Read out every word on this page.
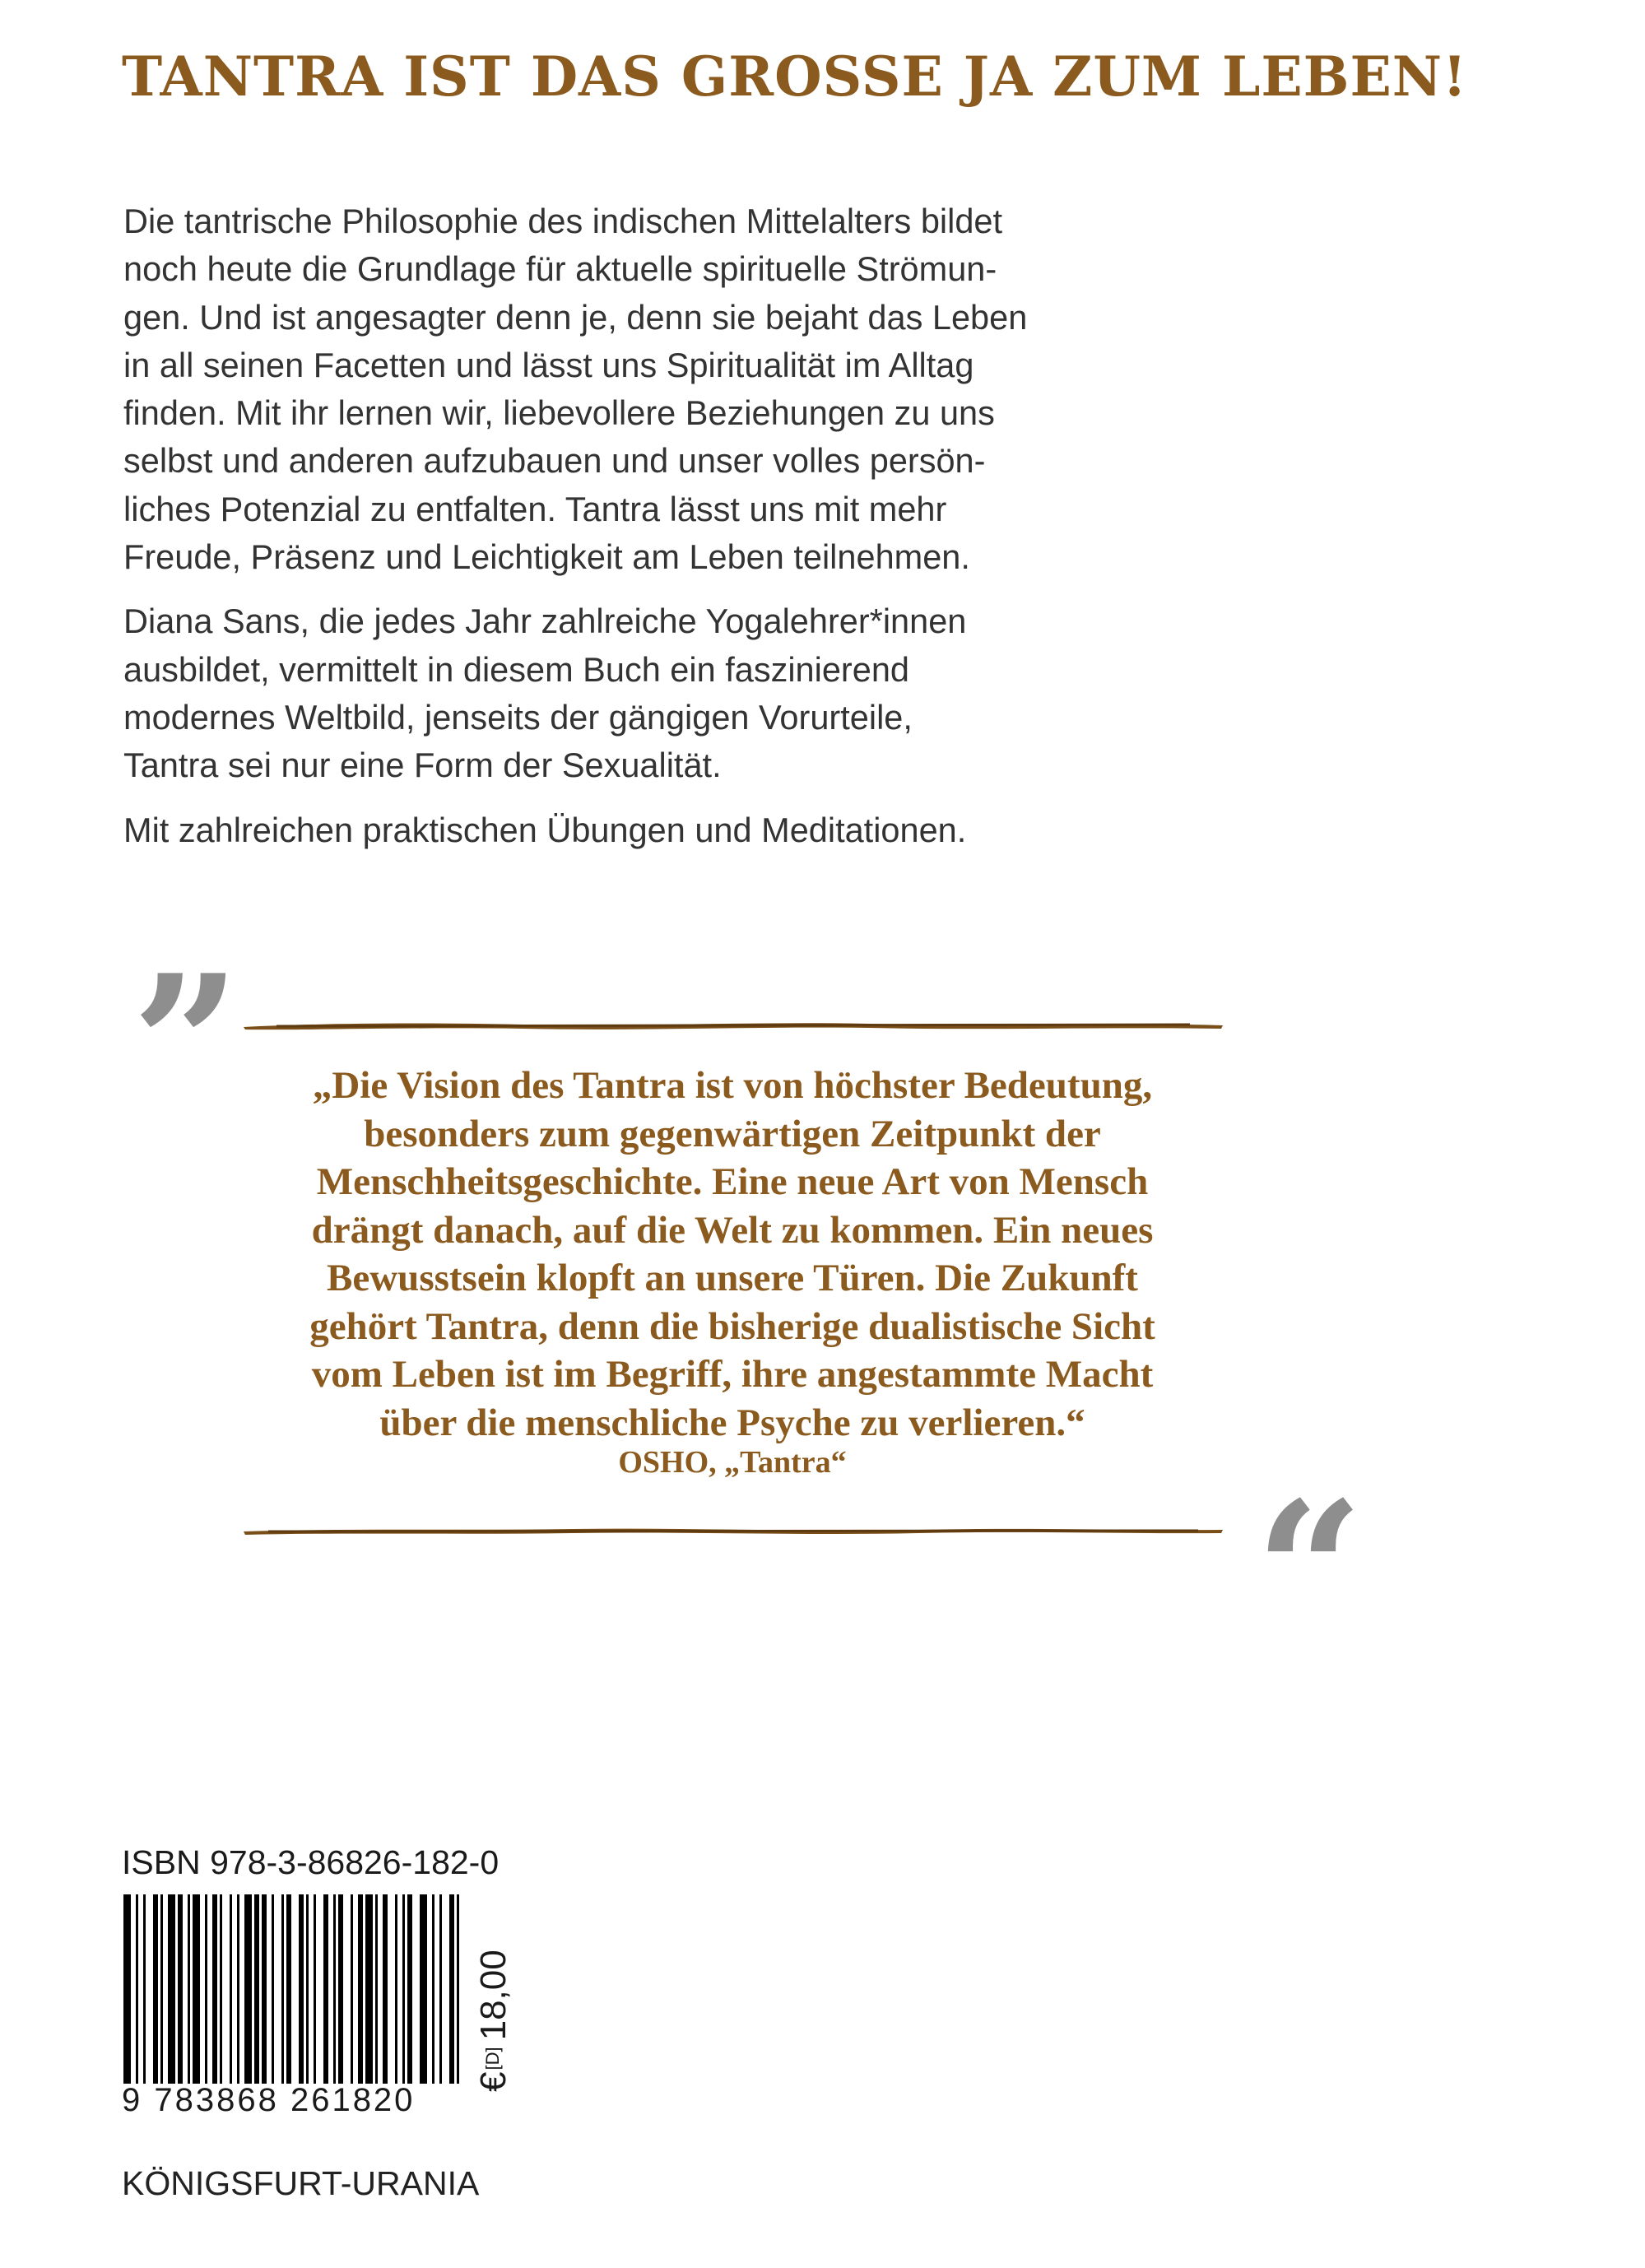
TANTRA IST DAS GROSSE JA ZUM LEBEN!

Die tantrische Philosophie des indischen Mittelalters bildet
noch heute die Grundlage für aktuelle spirituelle Strömun-
gen. Und ist angesagter denn je, denn sie bejaht das Leben
in all seinen Facetten und lässt uns Spiritualität im Alltag
finden. Mit ihr lernen wir, liebevollere Beziehungen zu uns
selbst und anderen aufzubauen und unser volles persön-
liches Potenzial zu entfalten. Tantra lässt uns mit mehr
Freude, Präsenz und Leichtigkeit am Leben teilnehmen.

Diana Sans, die jedes Jahr zahlreiche Yogalehrer*innen
ausbildet, vermittelt in diesem Buch ein faszinierend
modernes Weltbild, jenseits der gängigen Vorurteile,
Tantra sei nur eine Form der Sexualität.

Mit zahlreichen praktischen Übungen und Meditationen.

”	„Die Vision des Tantra ist von höchster Bedeutung,
besonders zum gegenwärtigen Zeitpunkt der
Menschheitsgeschichte. Eine neue Art von Mensch
drängt danach, auf die Welt zu kommen. Ein neues
Bewusstsein klopft an unsere Türen. Die Zukunft
gehört Tantra, denn die bisherige dualistische Sicht
vom Leben ist im Begriff, ihre angestammte Macht
über die menschliche Psyche zu verlieren.“
OSHO, „Tantra“	“
ISBN 978-3-86826-182-0
9 783868 261820
€[D]18,00
KÖNIGSFURT-URANIA
